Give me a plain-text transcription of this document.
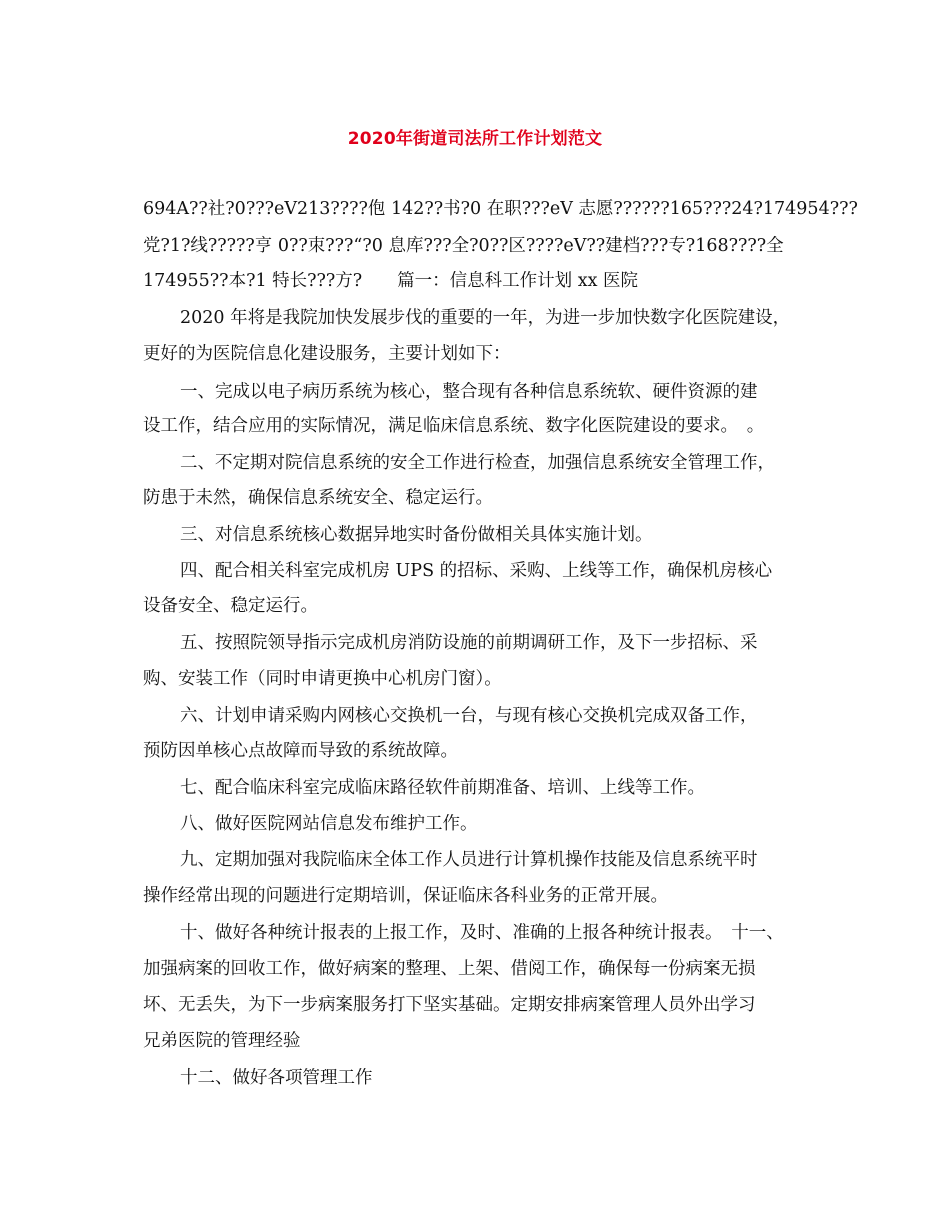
2020年街道司法所工作计划范文
694A??社?0???eV213????佨 142??书?0 在职???eV 志愿??????165???24?174954???
党?1?线?????亨 0??朿???“?0 息库???全?0??区????eV??建档???专?168????全
174955??本?1 特长???方?　　篇一：信息科工作计划 xx 医院
2020 年将是我院加快发展步伐的重要的一年，为进一步加快数字化医院建设，
更好的为医院信息化建设服务，主要计划如下：
一、完成以电子病历系统为核心，整合现有各种信息系统软、硬件资源的建
设工作，结合应用的实际情况，满足临床信息系统、数字化医院建设的要求。　。
二、不定期对院信息系统的安全工作进行检查，加强信息系统安全管理工作，
防患于未然，确保信息系统安全、稳定运行。
三、对信息系统核心数据异地实时备份做相关具体实施计划。
四、配合相关科室完成机房 UPS 的招标、采购、上线等工作，确保机房核心
设备安全、稳定运行。
五、按照院领导指示完成机房消防设施的前期调研工作，及下一步招标、采
购、安装工作（同时申请更换中心机房门窗）。
六、计划申请采购内网核心交换机一台，与现有核心交换机完成双备工作，
预防因单核心点故障而导致的系统故障。
七、配合临床科室完成临床路径软件前期准备、培训、上线等工作。
八、做好医院网站信息发布维护工作。
九、定期加强对我院临床全体工作人员进行计算机操作技能及信息系统平时
操作经常出现的问题进行定期培训，保证临床各科业务的正常开展。
十、做好各种统计报表的上报工作，及时、准确的上报各种统计报表。　十一、
加强病案的回收工作，做好病案的整理、上架、借阅工作，确保每一份病案无损
坏、无丢失，为下一步病案服务打下坚实基础。定期安排病案管理人员外出学习
兄弟医院的管理经验
十二、做好各项管理工作
